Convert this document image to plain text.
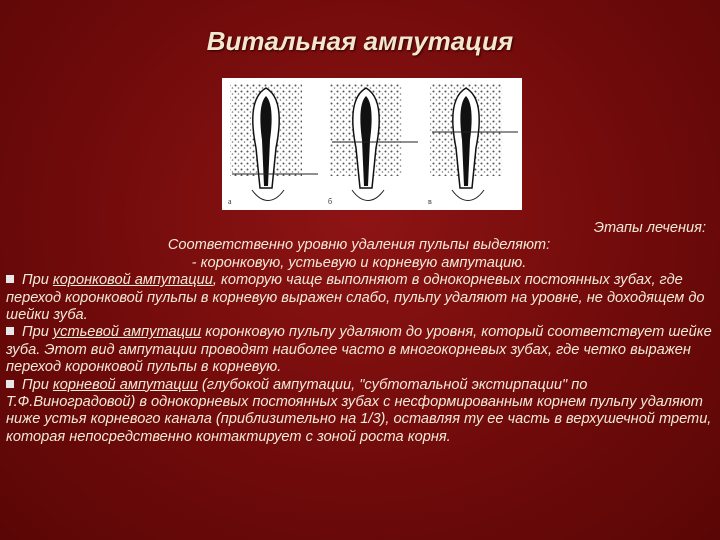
Витальная ампутация
a	б	в
Этапы лечения:
Соответственно уровню удаления пульпы выделяют:
- коронковую, устьевую и корневую ампутацию.
При коронковой ампутации, которую чаще выполняют в однокорневых постоянных зубах, где переход коронковой пульпы в корневую выражен слабо, пульпу удаляют на уровне, не доходящем до шейки зуба.
При устьевой ампутации коронковую пульпу удаляют до уровня, который соответствует шейке зуба. Этот вид ампутации проводят наиболее часто в многокорневых зубах, где четко выражен переход коронковой пульпы в корневую.
При корневой ампутации (глубокой ампутации, "субтотальной экстирпации" по Т.Ф.Виноградовой) в однокорневых постоянных зубах с несформированным корнем пульпу удаляют ниже устья корневого канала (приблизительно на 1/3), оставляя ту ее часть в верхушечной трети, которая непосредственно контактирует с зоной роста корня.
